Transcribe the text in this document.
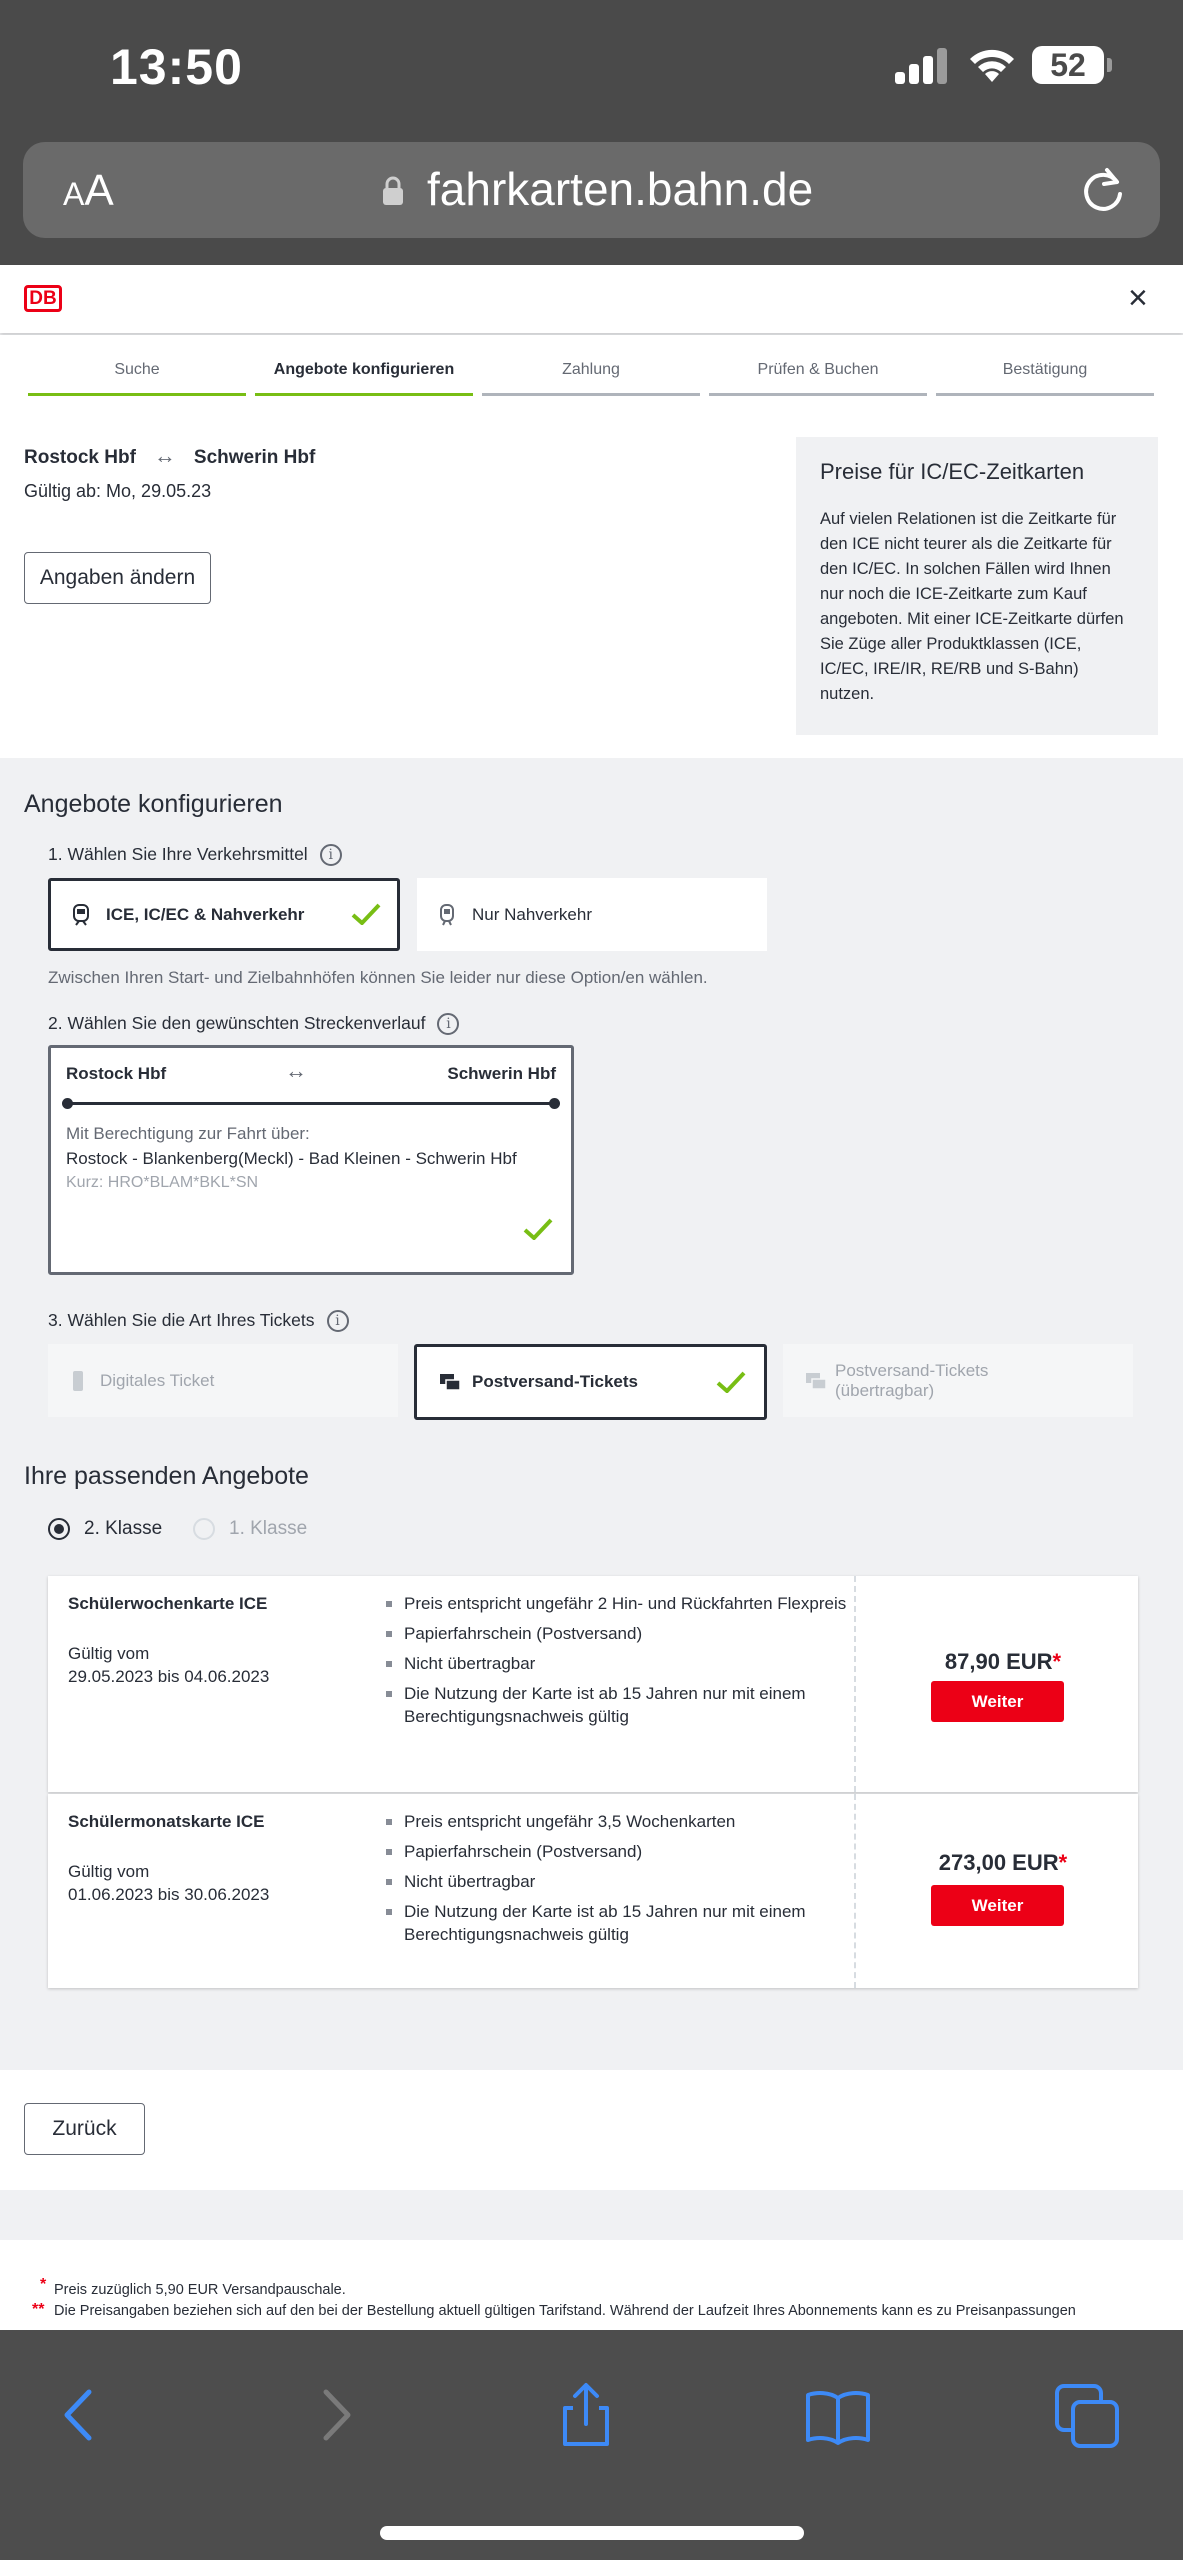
13:50	52
AA	fahrkarten.bahn.de
DB	×
Suche	Angebote konfigurieren	Zahlung	Prüfen & Buchen	Bestätigung
Rostock Hbf ↔ Schwerin Hbf
Gültig ab: Mo, 29.05.23
Angaben ändern
Preise für IC/EC-Zeitkarten

Auf vielen Relationen ist die Zeitkarte für den ICE nicht teurer als die Zeitkarte für den IC/EC. In solchen Fällen wird Ihnen nur noch die ICE-Zeitkarte zum Kauf angeboten. Mit einer ICE-Zeitkarte dürfen Sie Züge aller Produktklassen (ICE, IC/EC, IRE/IR, RE/RB und S-Bahn) nutzen.

Angebote konfigurieren
1. Wählen Sie Ihre Verkehrsmittel i
ICE, IC/EC & Nahverkehr	Nur Nahverkehr
Zwischen Ihren Start- und Zielbahnhöfen können Sie leider nur diese Option/en wählen.
2. Wählen Sie den gewünschten Streckenverlauf i
Rostock Hbf	↔	Schwerin Hbf
Mit Berechtigung zur Fahrt über:
Rostock - Blankenberg(Meckl) - Bad Kleinen - Schwerin Hbf
Kurz: HRO*BLAM*BKL*SN
3. Wählen Sie die Art Ihres Tickets i
Digitales Ticket	Postversand-Tickets
Postversand-Tickets
(übertragbar)
Ihre passenden Angebote
2. Klasse	1. Klasse
Schülerwochenkarte ICE
Gültig vom
29.05.2023 bis 04.06.2023
Preis entspricht ungefähr 2 Hin- und Rückfahrten Flexpreis
Papierfahrschein (Postversand)
Nicht übertragbar
Die Nutzung der Karte ist ab 15 Jahren nur mit einem Berechtigungsnachweis gültig
87,90 EUR*
Weiter
Schülermonatskarte ICE
Gültig vom
01.06.2023 bis 30.06.2023
Preis entspricht ungefähr 3,5 Wochenkarten
Papierfahrschein (Postversand)
Nicht übertragbar
Die Nutzung der Karte ist ab 15 Jahren nur mit einem Berechtigungsnachweis gültig
273,00 EUR*
Weiter
Zurück
* Preis zuzüglich 5,90 EUR Versandpauschale.

** Die Preisangaben beziehen sich auf den bei der Bestellung aktuell gültigen Tarifstand. Während der Laufzeit Ihres Abonnements kann es zu Preisanpassungen
